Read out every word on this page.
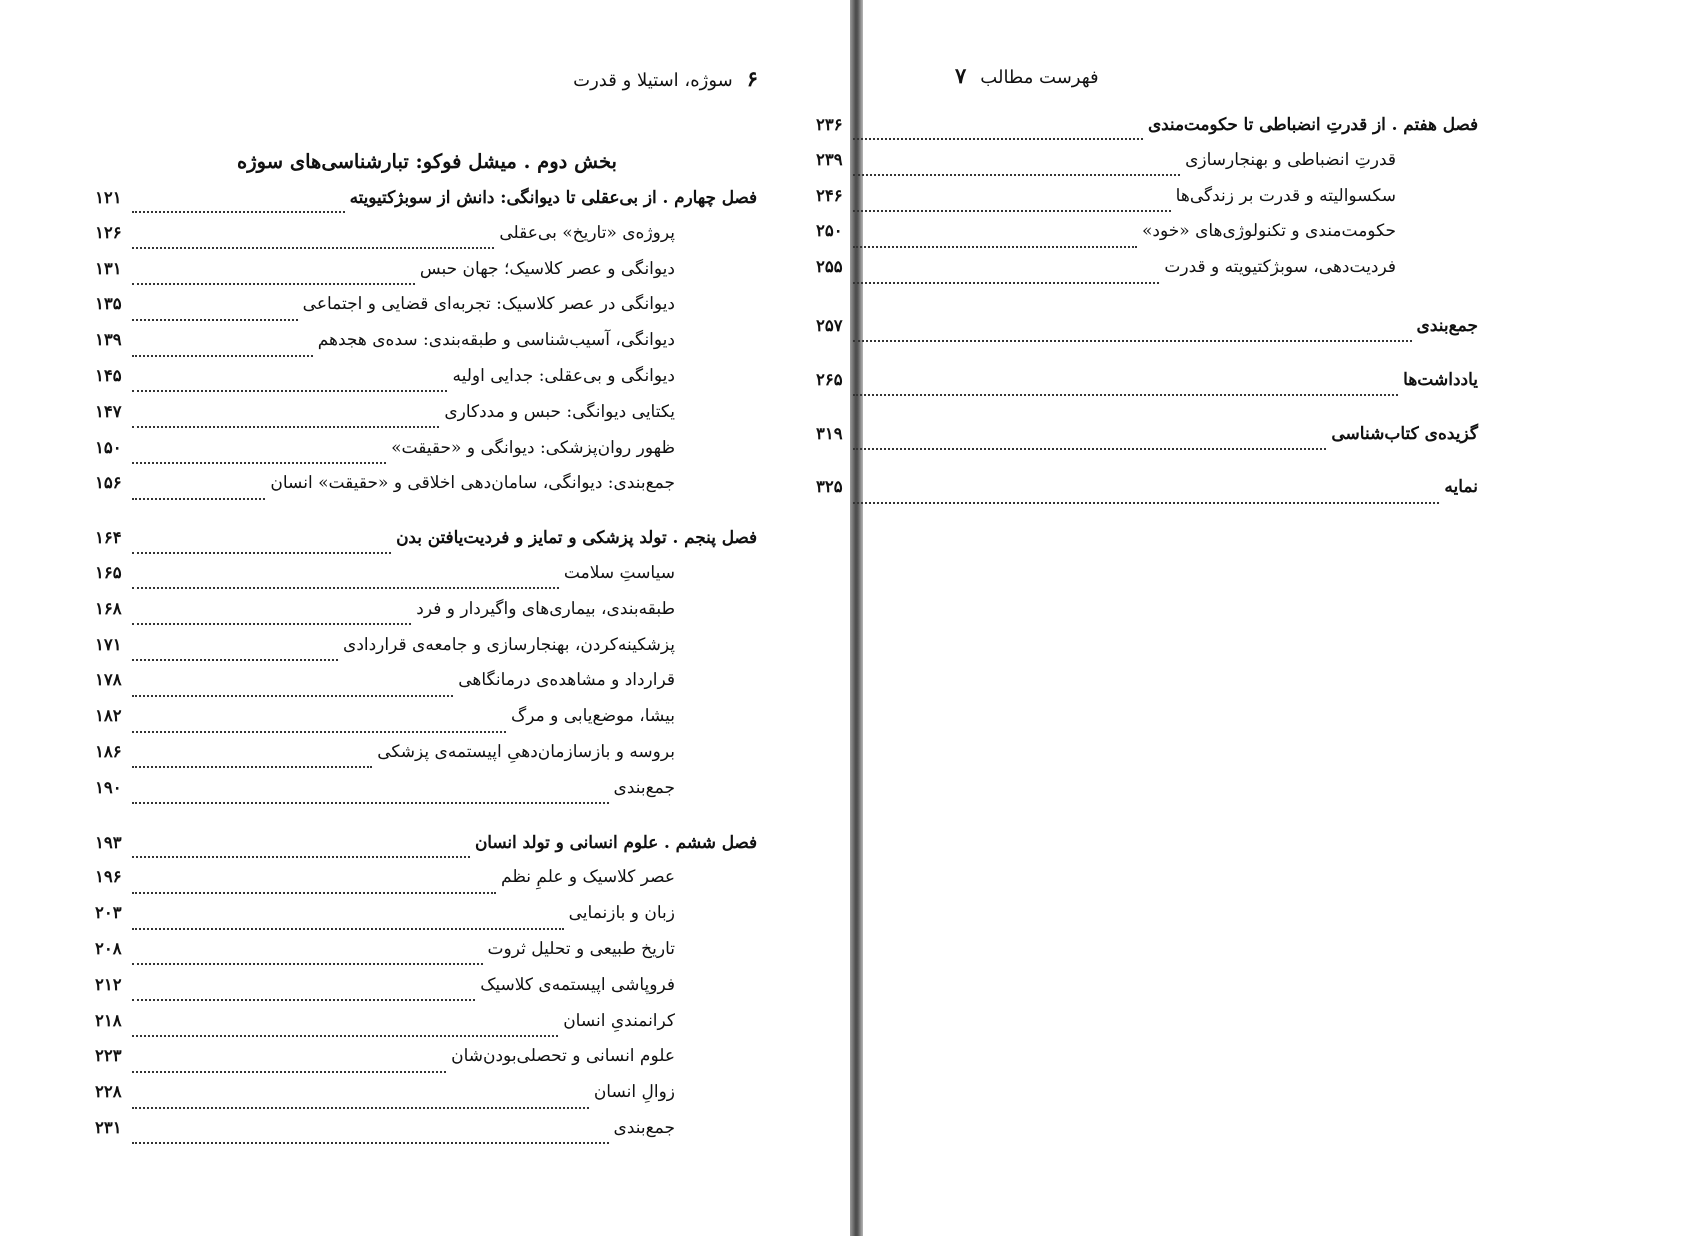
۶
سوژه، استیلا و قدرت
بخش دوم . میشل فوکو: تبارشناسی‌های سوژه
فصل چهارم . از بی‌عقلی تا دیوانگی: دانش از سوبژکتیویته
۱۲۱
پروژه‌ی «تاریخ» بی‌عقلی
۱۲۶
دیوانگی و عصر کلاسیک؛ جهان حبس
۱۳۱
دیوانگی در عصر کلاسیک: تجربه‌ای قضایی و اجتماعی
۱۳۵
دیوانگی، آسیب‌شناسی و طبقه‌بندی: سده‌ی هجدهم
۱۳۹
دیوانگی و بی‌عقلی: جدایی اولیه
۱۴۵
یکتایی دیوانگی: حبس و مددکاری
۱۴۷
ظهور روان‌پزشکی: دیوانگی و «حقیقت»
۱۵۰
جمع‌بندی: دیوانگی، سامان‌دهی اخلاقی و «حقیقت» انسان
۱۵۶
فصل پنجم . تولد پزشکی و تمایز و فردیت‌یافتن بدن
۱۶۴
سیاستِ سلامت
۱۶۵
طبقه‌بندی، بیماری‌های واگیردار و فرد
۱۶۸
پزشکینه‌کردن، بهنجارسازی و جامعه‌ی قراردادی
۱۷۱
قرارداد و مشاهده‌ی درمانگاهی
۱۷۸
بیشا، موضع‌یابی و مرگ
۱۸۲
بروسه و بازسازمان‌دهیِ اپیستمه‌ی پزشکی
۱۸۶
جمع‌بندی
۱۹۰
فصل ششم . علوم انسانی و تولد انسان
۱۹۳
عصر کلاسیک و علمِ نظم
۱۹۶
زبان و بازنمایی
۲۰۳
تاریخ طبیعی و تحلیل ثروت
۲۰۸
فروپاشی اپیستمه‌ی کلاسیک
۲۱۲
کرانمندیِ انسان
۲۱۸
علوم انسانی و تحصلی‌بودن‌شان
۲۲۳
زوالِ انسان
۲۲۸
جمع‌بندی
۲۳۱
فهرست مطالب
۷
فصل هفتم . از قدرتِ انضباطی تا حکومت‌مندی
۲۳۶
قدرتِ انضباطی و بهنجارسازی
۲۳۹
سکسوالیته و قدرت بر زندگی‌ها
۲۴۶
حکومت‌مندی و تکنولوژی‌های «خود»
۲۵۰
فردیت‌دهی، سوبژکتیویته و قدرت
۲۵۵
جمع‌بندی
۲۵۷
یادداشت‌ها
۲۶۵
گزیده‌ی کتاب‌شناسی
۳۱۹
نمایه
۳۲۵
